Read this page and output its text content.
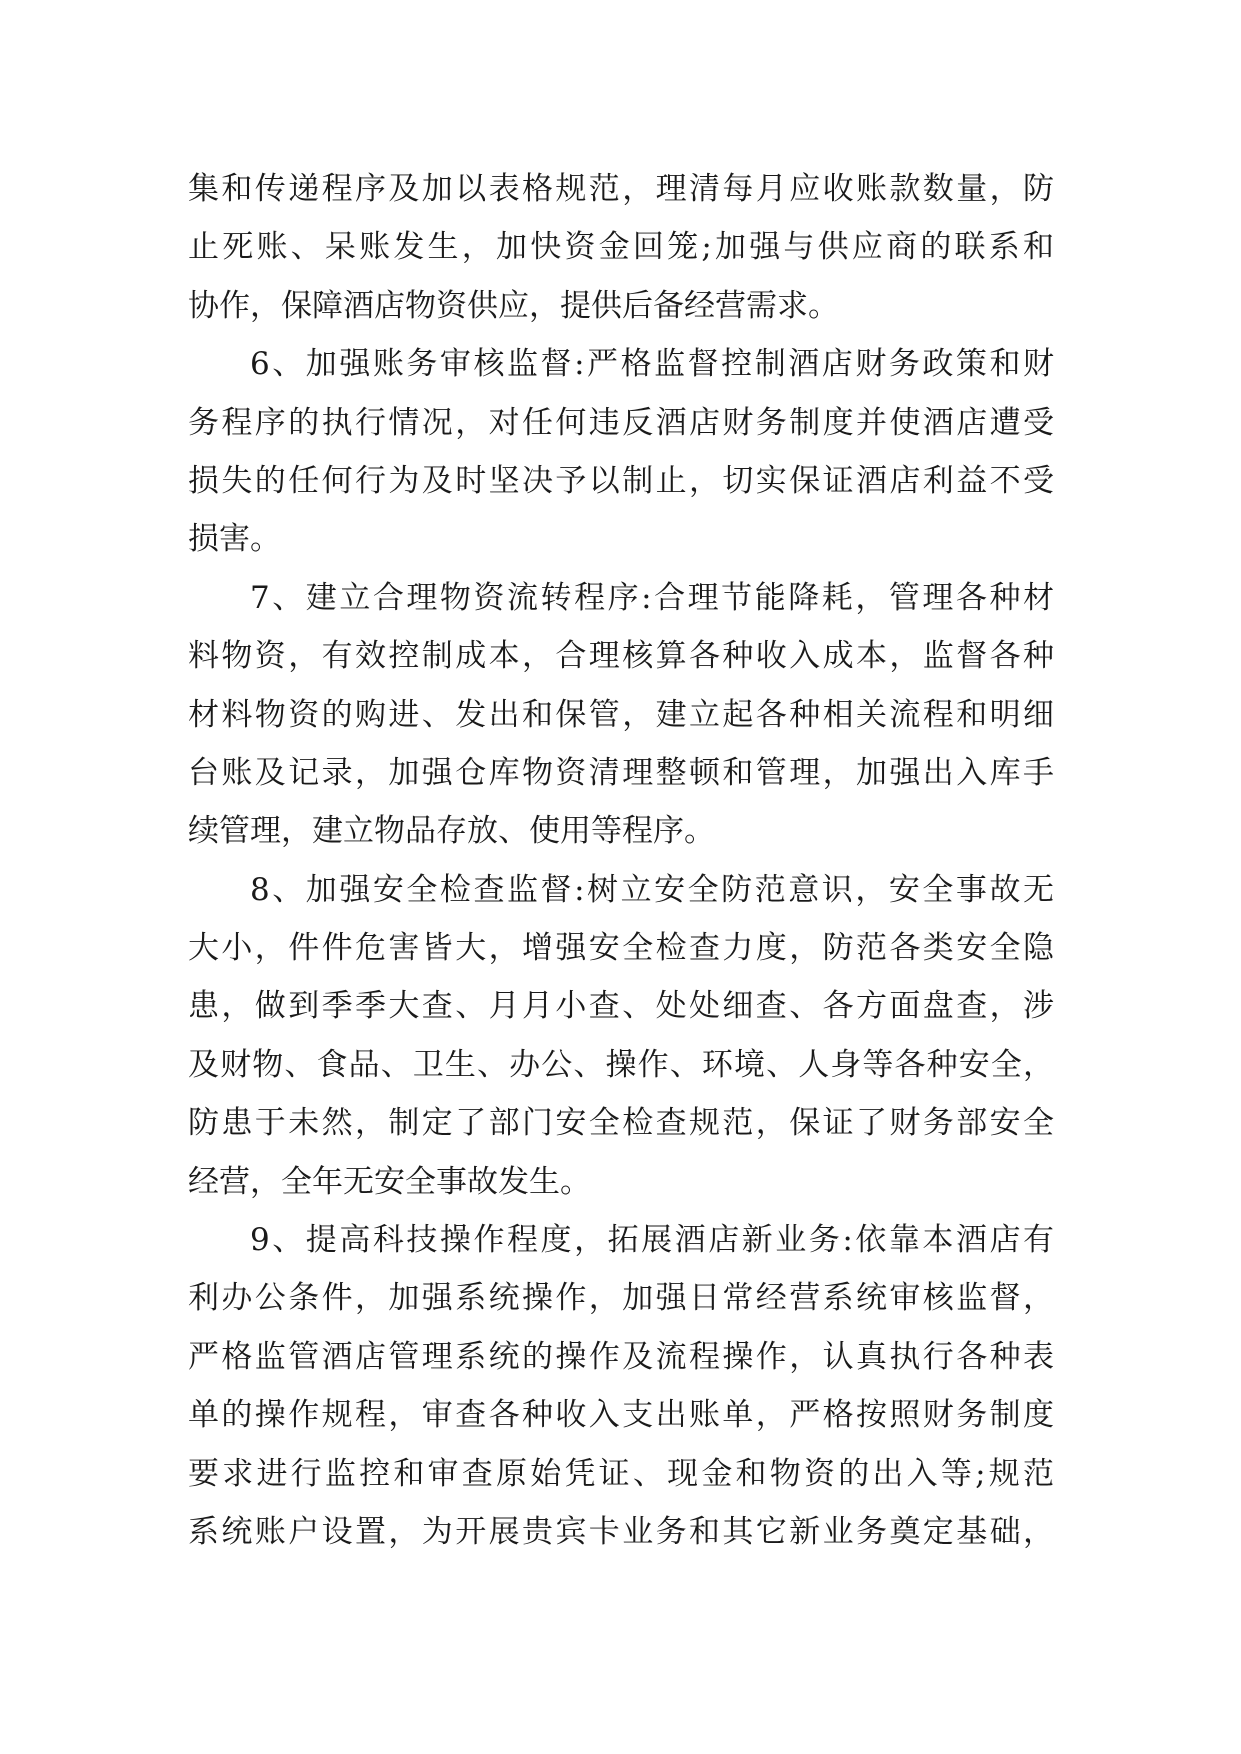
集和传递程序及加以表格规范，理清每月应收账款数量，防
止死账、呆账发生，加快资金回笼;加强与供应商的联系和
协作，保障酒店物资供应，提供后备经营需求。
6、加强账务审核监督:严格监督控制酒店财务政策和财
务程序的执行情况，对任何违反酒店财务制度并使酒店遭受
损失的任何行为及时坚决予以制止，切实保证酒店利益不受
损害。
7、建立合理物资流转程序:合理节能降耗，管理各种材
料物资，有效控制成本，合理核算各种收入成本，监督各种
材料物资的购进、发出和保管，建立起各种相关流程和明细
台账及记录，加强仓库物资清理整顿和管理，加强出入库手
续管理，建立物品存放、使用等程序。
8、加强安全检查监督:树立安全防范意识，安全事故无
大小，件件危害皆大，增强安全检查力度，防范各类安全隐
患，做到季季大查、月月小查、处处细查、各方面盘查，涉
及财物、食品、卫生、办公、操作、环境、人身等各种安全，
防患于未然，制定了部门安全检查规范，保证了财务部安全
经营，全年无安全事故发生。
9、提高科技操作程度，拓展酒店新业务:依靠本酒店有
利办公条件，加强系统操作，加强日常经营系统审核监督，
严格监管酒店管理系统的操作及流程操作，认真执行各种表
单的操作规程，审查各种收入支出账单，严格按照财务制度
要求进行监控和审查原始凭证、现金和物资的出入等;规范
系统账户设置，为开展贵宾卡业务和其它新业务奠定基础，
